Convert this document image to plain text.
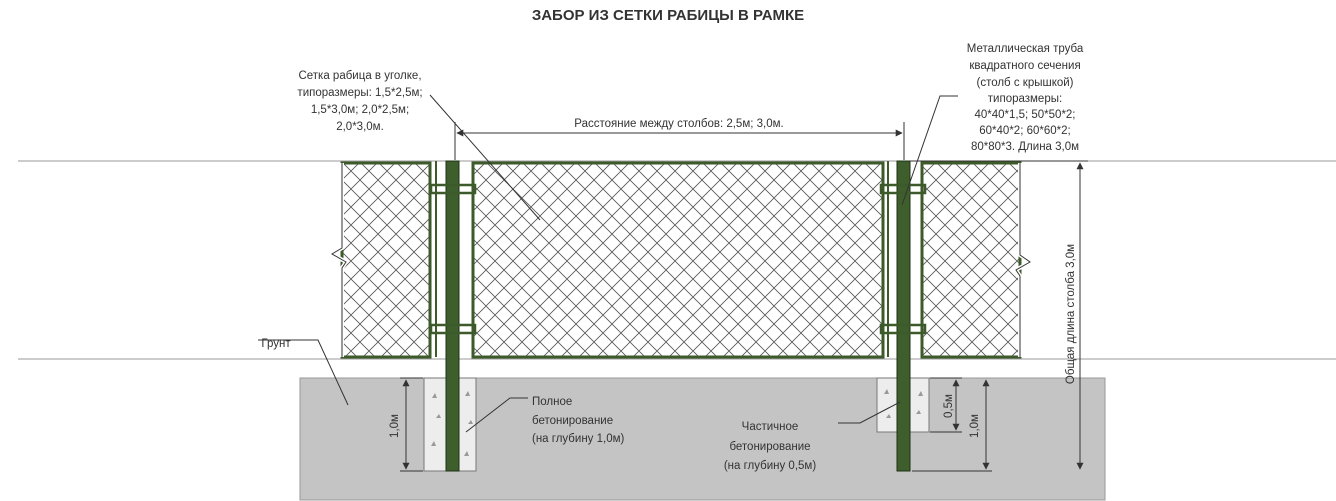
ЗАБОР ИЗ СЕТКИ РАБИЦЫ В РАМКЕ
Расстояние между столбов: 2,5м; 3,0м.
Сетка рабица в уголке,
типоразмеры: 1,5*2,5м;
1,5*3,0м; 2,0*2,5м;
2,0*3,0м.
Металлическая труба
квадратного сечения
(столб с крышкой)
типоразмеры:
40*40*1,5; 50*50*2;
60*40*2; 60*60*2;
80*80*3. Длина 3,0м
Грунт
Полное
бетонирование
(на глубину 1,0м)
Частичное
бетонирование
(на глубину 0,5м)
1,0м
0,5м
1,0м
Общая длина столба 3,0м
